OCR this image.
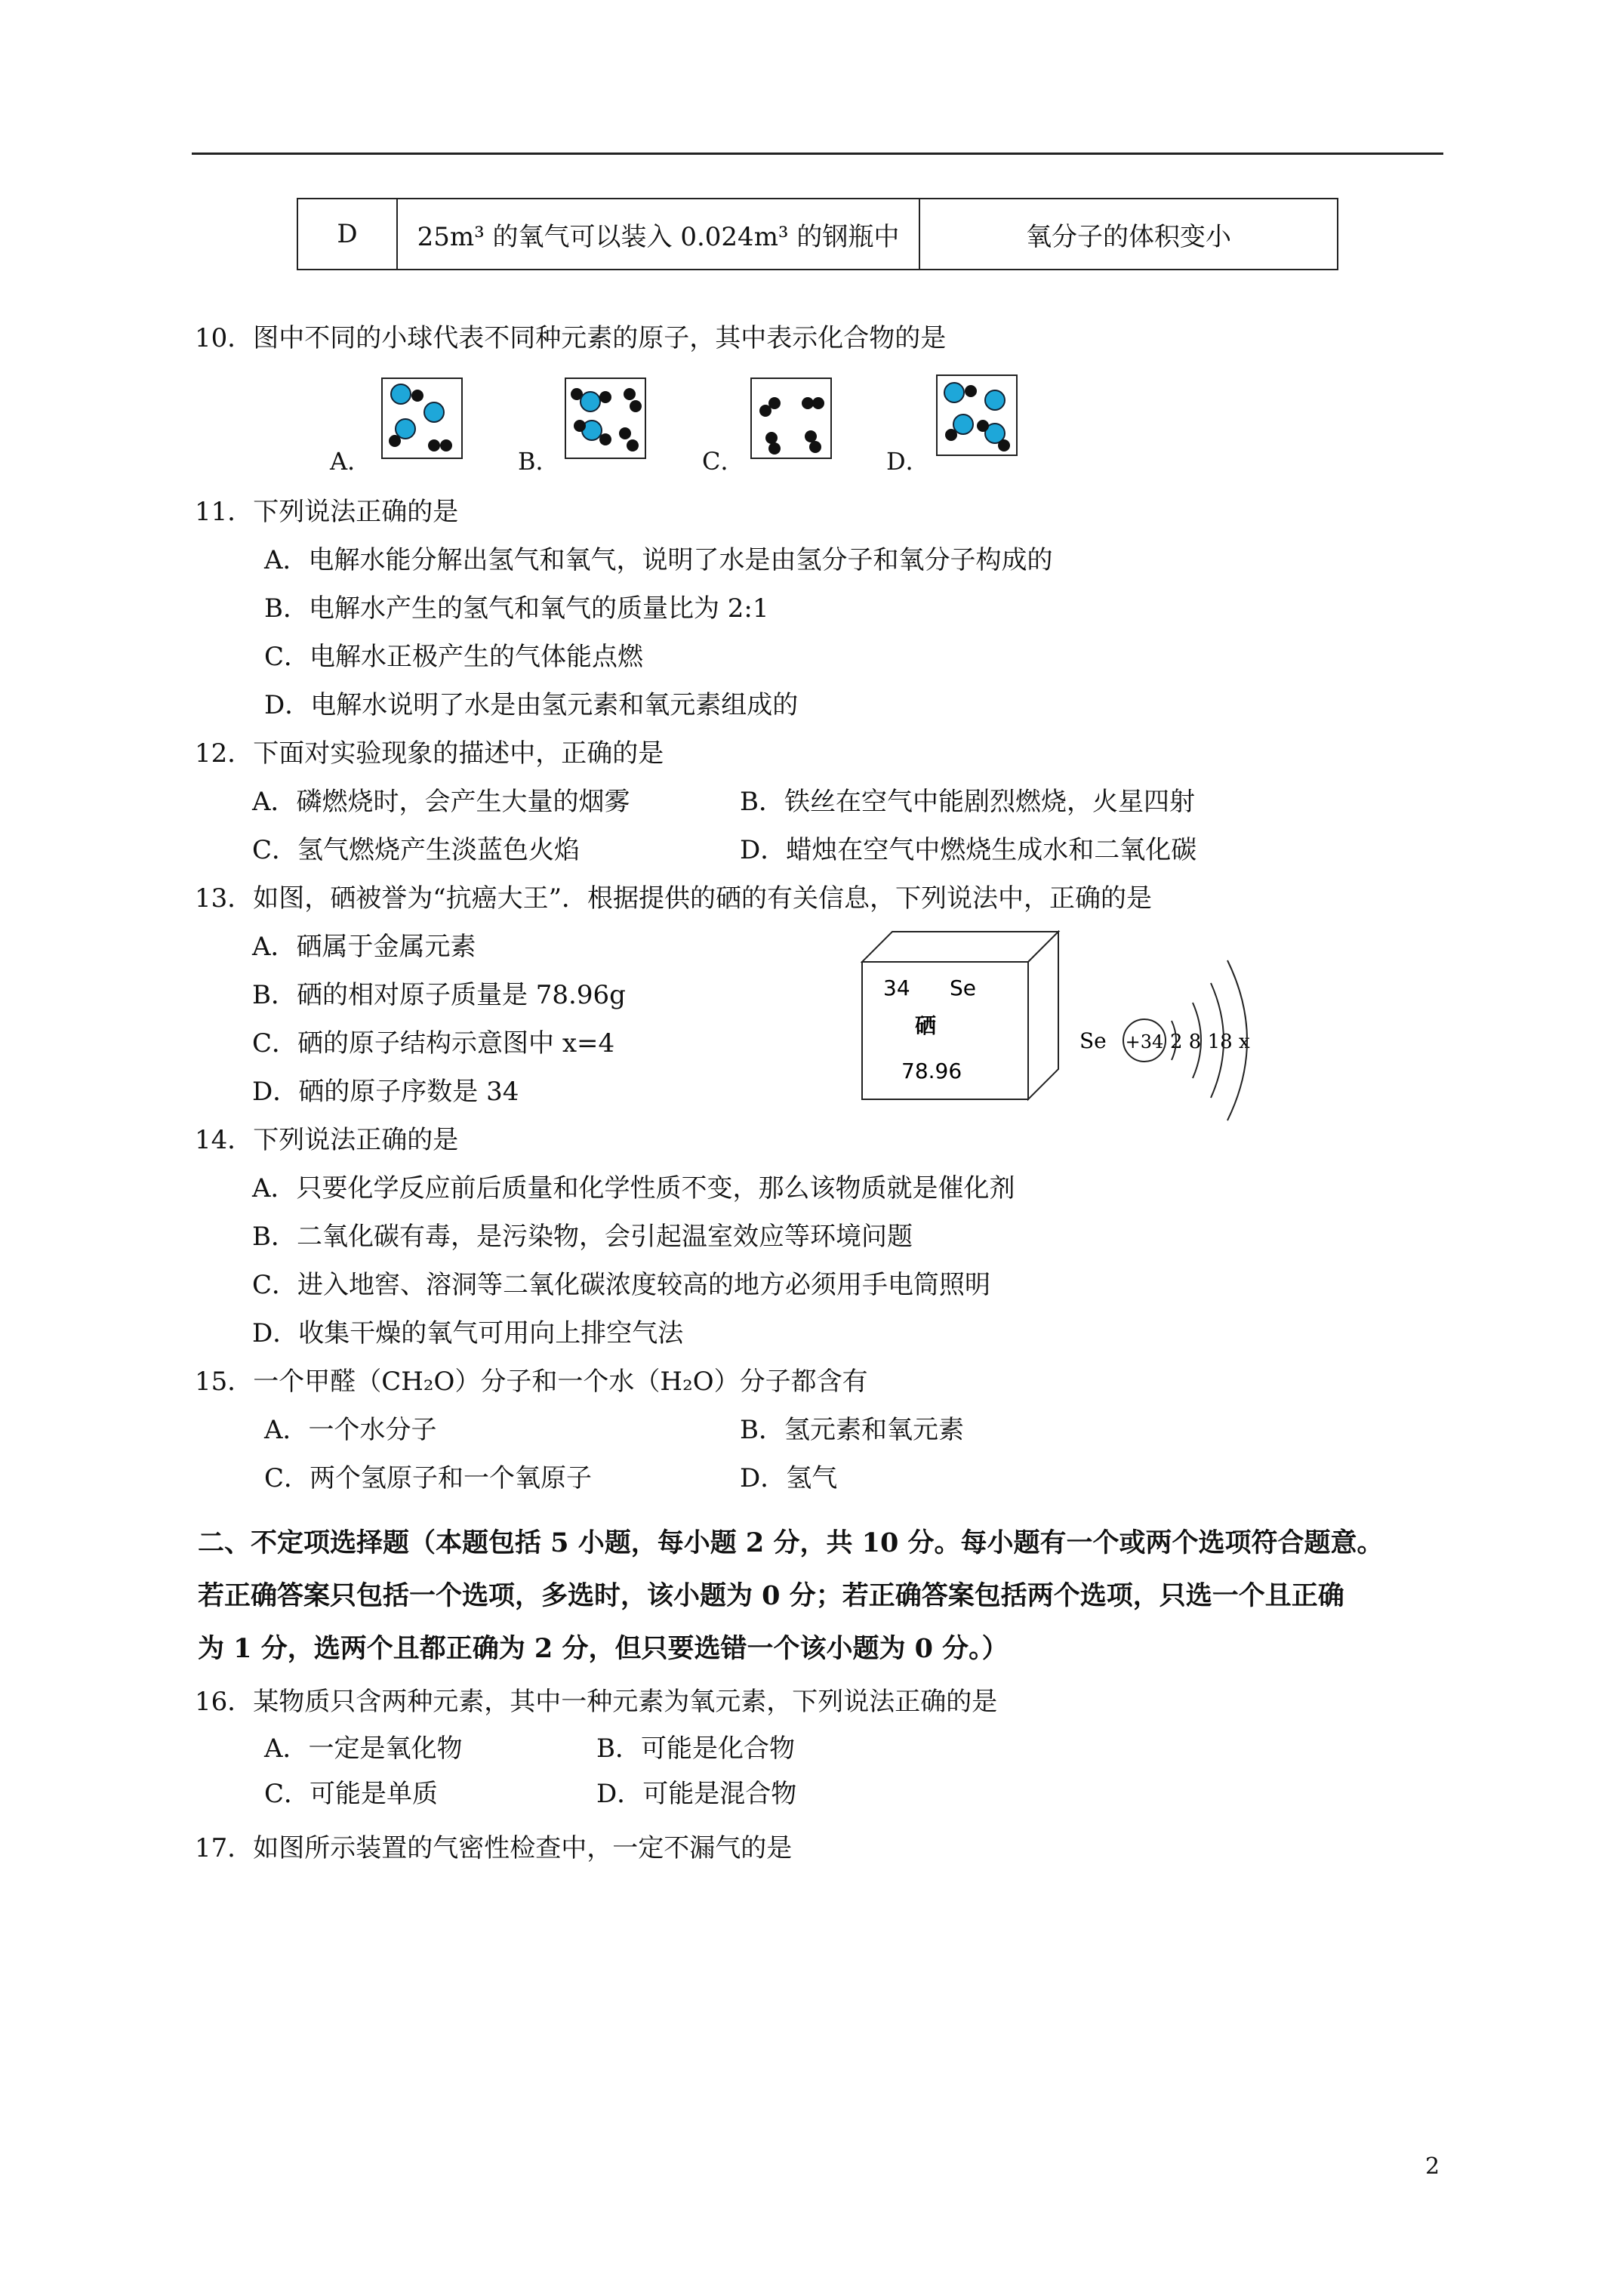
D	25m³ 的氧气可以装入 0.024m³ 的钢瓶中	氧分子的体积变小
10．图中不同的小球代表不同种元素的原子，其中表示化合物的是
A．	B．	C．	D．
11．下列说法正确的是
A．电解水能分解出氢气和氧气，说明了水是由氢分子和氧分子构成的
B．电解水产生的氢气和氧气的质量比为 2:1
C．电解水正极产生的气体能点燃
D．电解水说明了水是由氢元素和氧元素组成的
12．下面对实验现象的描述中，正确的是
A．磷燃烧时，会产生大量的烟雾	B．铁丝在空气中能剧烈燃烧，火星四射
C．氢气燃烧产生淡蓝色火焰	D．蜡烛在空气中燃烧生成水和二氧化碳
13．如图，硒被誉为“抗癌大王”．根据提供的硒的有关信息，下列说法中，正确的是
A．硒属于金属元素
B．硒的相对原子质量是 78.96g
C．硒的原子结构示意图中 x=4
D．硒的原子序数是 34
34 Se
硒
78.96
Se +34 2 8 18 x
14．下列说法正确的是
A．只要化学反应前后质量和化学性质不变，那么该物质就是催化剂
B．二氧化碳有毒，是污染物，会引起温室效应等环境问题
C．进入地窖、溶洞等二氧化碳浓度较高的地方必须用手电筒照明
D．收集干燥的氧气可用向上排空气法
15．一个甲醛（CH₂O）分子和一个水（H₂O）分子都含有
A．一个水分子	B．氢元素和氧元素
C．两个氢原子和一个氧原子	D．氢气
二、不定项选择题（本题包括 5 小题，每小题 2 分，共 10 分。每小题有一个或两个选项符合题意。
若正确答案只包括一个选项，多选时，该小题为 0 分；若正确答案包括两个选项，只选一个且正确
为 1 分，选两个且都正确为 2 分，但只要选错一个该小题为 0 分。）
16．某物质只含两种元素，其中一种元素为氧元素，下列说法正确的是
A．一定是氧化物	B．可能是化合物
C．可能是单质	D．可能是混合物
17．如图所示装置的气密性检查中，一定不漏气的是
2
